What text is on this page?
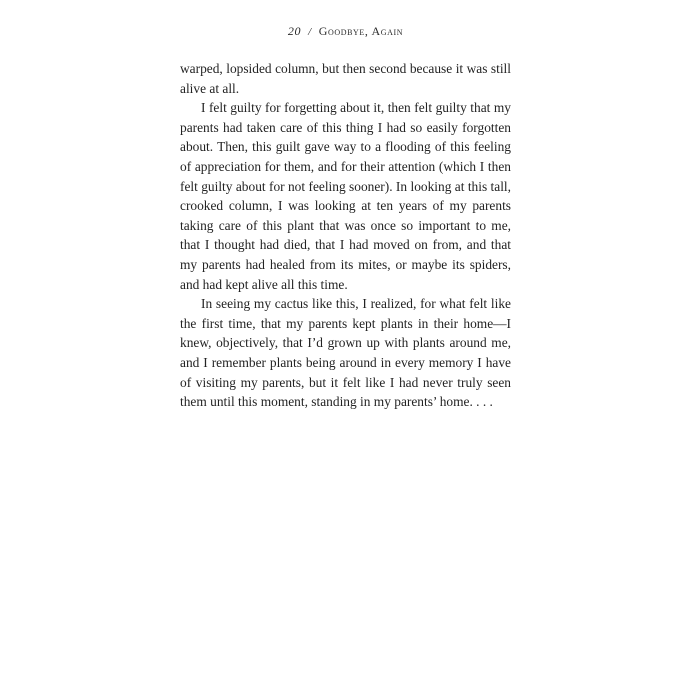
20 / Goodbye, Again

warped, lopsided column, but then second because it was still alive at all.

I felt guilty for forgetting about it, then felt guilty that my parents had taken care of this thing I had so easily forgotten about. Then, this guilt gave way to a flooding of this feeling of appreciation for them, and for their attention (which I then felt guilty about for not feeling sooner). In looking at this tall, crooked column, I was looking at ten years of my parents taking care of this plant that was once so important to me, that I thought had died, that I had moved on from, and that my parents had healed from its mites, or maybe its spiders, and had kept alive all this time.

In seeing my cactus like this, I realized, for what felt like the first time, that my parents kept plants in their home—I knew, objectively, that I’d grown up with plants around me, and I remember plants being around in every memory I have of visiting my parents, but it felt like I had never truly seen them until this moment, standing in my parents’ home. . . .
